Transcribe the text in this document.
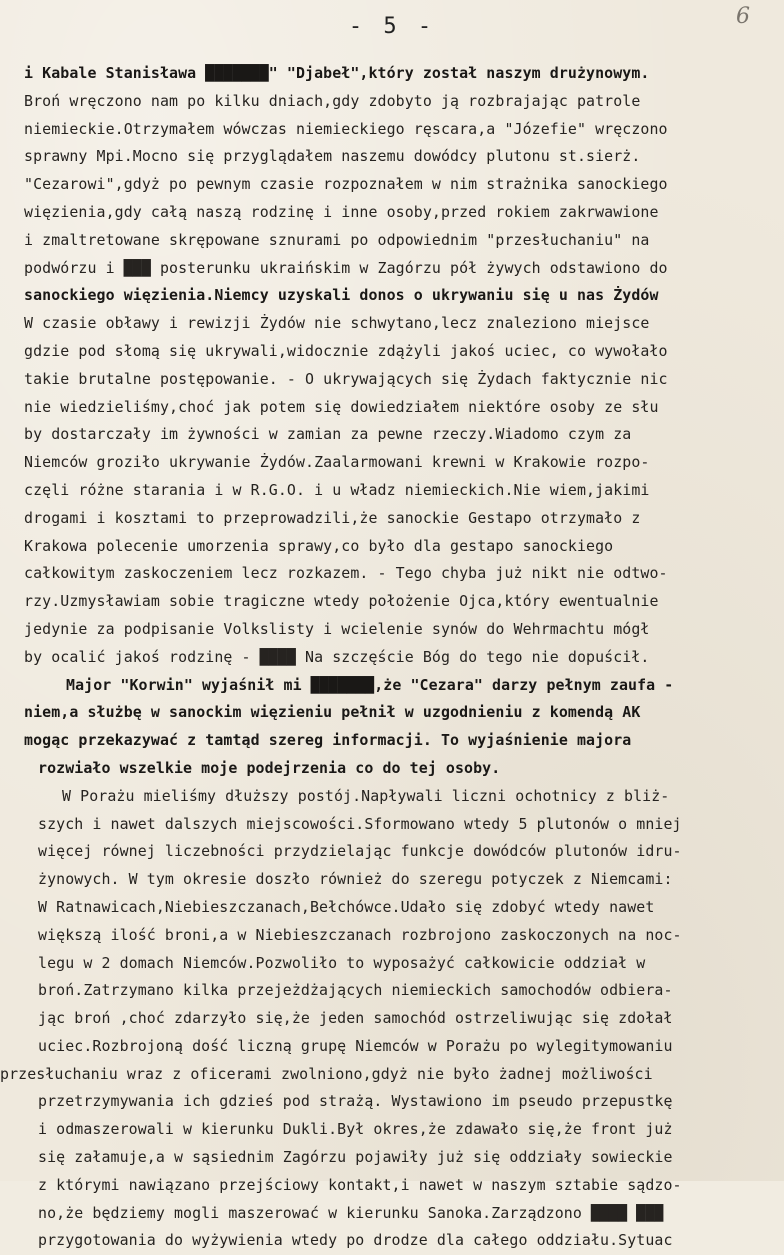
- 5 -	6
i Kabale Stanisława ███████" "Djabeł",który został naszym drużynowym.
Broń wręczono nam po kilku dniach,gdy zdobyto ją rozbrajając patrole
niemieckie.Otrzymałem wówczas niemieckiego ręscara,a "Józefie" wręczono
sprawny Mpi.Mocno się przyglądałem naszemu dowódcy plutonu st.sierż.
"Cezarowi",gdyż po pewnym czasie rozpoznałem w nim strażnika sanockiego
więzienia,gdy całą naszą rodzinę i inne osoby,przed rokiem zakrwawione
i zmaltretowane skrępowane sznurami po odpowiednim "przesłuchaniu" na
podwórzu i ███ posterunku ukraińskim w Zagórzu pół żywych odstawiono do
sanockiego więzienia.Niemcy uzyskali donos o ukrywaniu się u nas Żydów
W czasie obławy i rewizji Żydów nie schwytano,lecz znaleziono miejsce
gdzie pod słomą się ukrywali,widocznie zdążyli jakoś uciec, co wywołało
takie brutalne postępowanie. - O ukrywających się Żydach faktycznie nic
nie wiedzieliśmy,choć jak potem się dowiedziałem niektóre osoby ze słu
by dostarczały im żywności w zamian za pewne rzeczy.Wiadomo czym za
Niemców groziło ukrywanie Żydów.Zaalarmowani krewni w Krakowie rozpo-
częli różne starania i w R.G.O. i u władz niemieckich.Nie wiem,jakimi
drogami i kosztami to przeprowadzili,że sanockie Gestapo otrzymało z
Krakowa polecenie umorzenia sprawy,co było dla gestapo sanockiego
całkowitym zaskoczeniem lecz rozkazem. - Tego chyba już nikt nie odtwo-
rzy.Uzmysławiam sobie tragiczne wtedy położenie Ojca,który ewentualnie
jedynie za podpisanie Volkslisty i wcielenie synów do Wehrmachtu mógł
by ocalić jakoś rodzinę - ████ Na szczęście Bóg do tego nie dopuścił.
Major "Korwin" wyjaśnił mi ███████,że "Cezara" darzy pełnym zaufa -
niem,a służbę w sanockim więzieniu pełnił w uzgodnieniu z komendą AK
mogąc przekazywać z tamtąd szereg informacji. To wyjaśnienie majora
rozwiało wszelkie moje podejrzenia co do tej osoby.
W Porażu mieliśmy dłuższy postój.Napływali liczni ochotnicy z bliż-
szych i nawet dalszych miejscowości.Sformowano wtedy 5 plutonów o mniej
więcej równej liczebności przydzielając funkcje dowódców plutonów idru-
żynowych. W tym okresie doszło również do szeregu potyczek z Niemcami:
W Ratnawicach,Niebieszczanach,Bełchówce.Udało się zdobyć wtedy nawet
większą ilość broni,a w Niebieszczanach rozbrojono zaskoczonych na noc-
legu w 2 domach Niemców.Pozwoliło to wyposażyć całkowicie oddział w
broń.Zatrzymano kilka przejeżdżających niemieckich samochodów odbiera-
jąc broń ,choć zdarzyło się,że jeden samochód ostrzeliwując się zdołał
uciec.Rozbrojoną dość liczną grupę Niemców w Porażu po wylegitymowaniu
przesłuchaniu wraz z oficerami zwolniono,gdyż nie było żadnej możliwości
przetrzymywania ich gdzieś pod strażą. Wystawiono im pseudo przepustkę
i odmaszerowali w kierunku Dukli.Był okres,że zdawało się,że front już
się załamuje,a w sąsiednim Zagórzu pojawiły już się oddziały sowieckie
z którymi nawiązano przejściowy kontakt,i nawet w naszym sztabie sądzo-
no,że będziemy mogli maszerować w kierunku Sanoka.Zarządzono ████ ███
przygotowania do wyżywienia wtedy po drodze dla całego oddziału.Sytuac
